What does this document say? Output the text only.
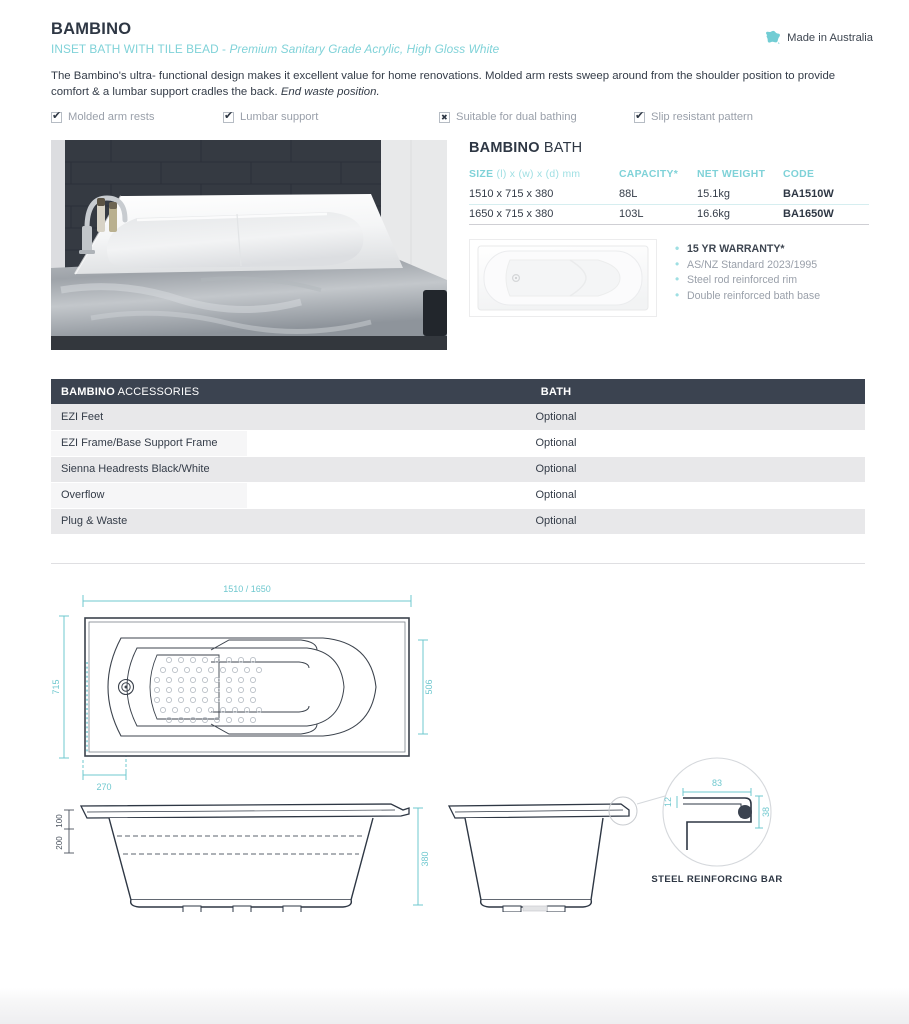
BAMBINO
INSET BATH WITH TILE BEAD - Premium Sanitary Grade Acrylic, High Gloss White
Made in Australia
The Bambino's ultra- functional design makes it excellent value for home renovations. Molded arm rests sweep around from the shoulder position to provide comfort & a lumbar support cradles the back. End waste position.
✔
Molded arm rests ✔	Lumbar support ✖	Suitable for dual bathing ✔	Slip resistant pattern
BAMBINO BATH
SIZE (l) x (w) x (d) mm	CAPACITY*	NET WEIGHT	CODE
1510 x 715 x 380	88L	15.1kg	BA1510W
1650 x 715 x 380	103L	16.6kg	BA1650W
• 15 YR WARRANTY*
• AS/NZ Standard 2023/1995
• Steel rod reinforced rim
• Double reinforced bath base
BAMBINO ACCESSORIES	BATH
EZI Feet	Optional
EZI Frame/Base Support Frame	Optional
Sienna Headrests Black/White	Optional
Overflow	Optional
Plug & Waste	Optional
1510 / 1650
715	506
270
100
200
380
83
12
38
STEEL REINFORCING BAR
